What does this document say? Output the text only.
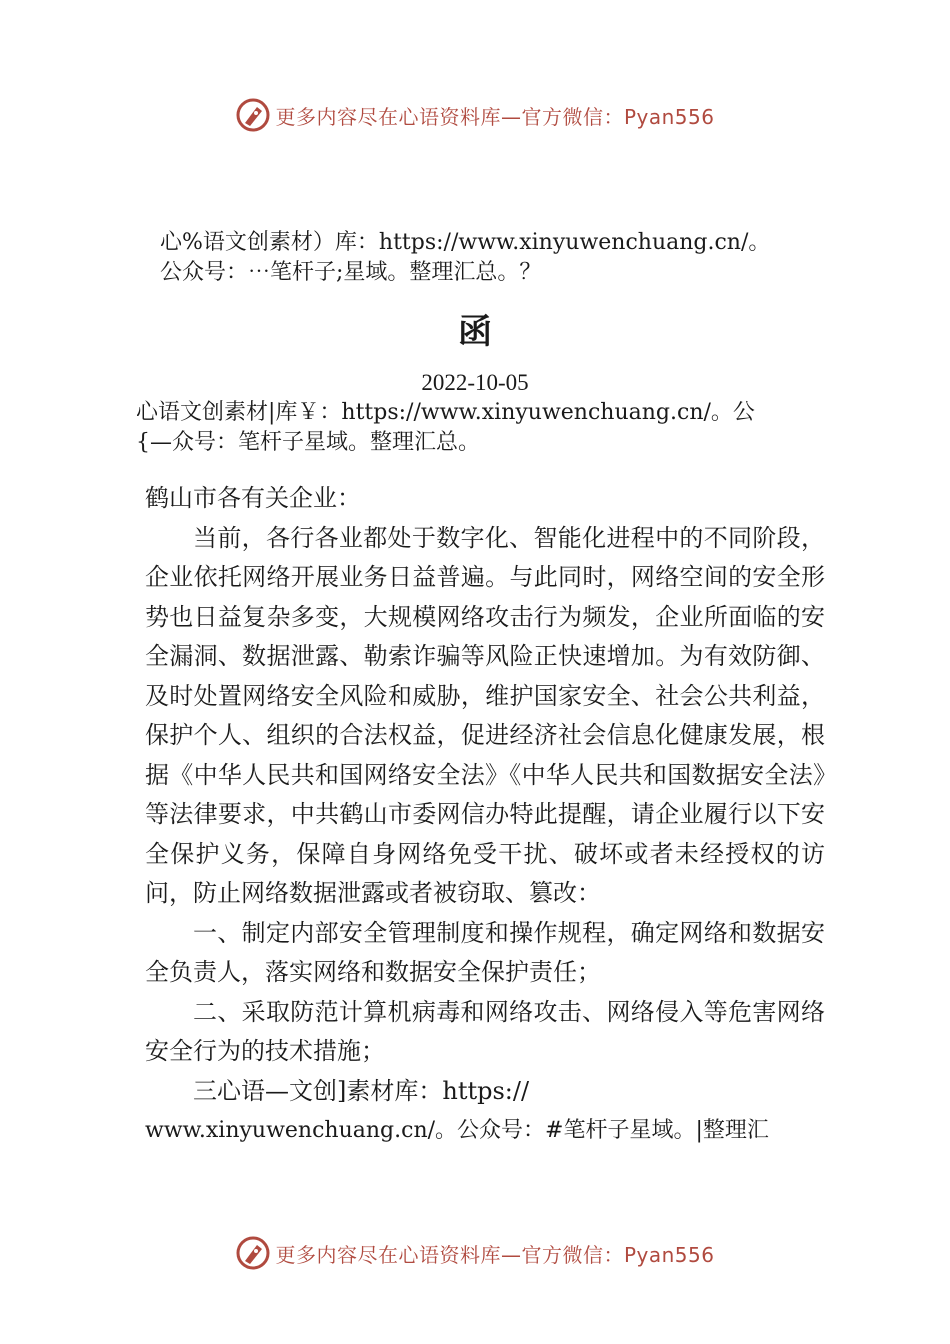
更多内容尽在心语资料库—官方微信：Pyan556
心%语文创素材）库：https://www.xinyuwenchuang.cn/。
公众号：⋯笔杆子;星域。整理汇总。？
函
2022-10-05
心语文创素材|库￥：https://www.xinyuwenchuang.cn/。公
{—众号：笔杆子星域。整理汇总。

鹤山市各有关企业：

当前，各行各业都处于数字化、智能化进程中的不同阶段，企业依托网络开展业务日益普遍。与此同时，网络空间的安全形势也日益复杂多变，大规模网络攻击行为频发，企业所面临的安全漏洞、数据泄露、勒索诈骗等风险正快速增加。为有效防御、及时处置网络安全风险和威胁，维护国家安全、社会公共利益，保护个人、组织的合法权益，促进经济社会信息化健康发展，根据《中华人民共和国网络安全法》《中华人民共和国数据安全法》等法律要求，中共鹤山市委网信办特此提醒，请企业履行以下安全保护义务，保障自身网络免受干扰、破坏或者未经授权的访问，防止网络数据泄露或者被窃取、篡改：

一、制定内部安全管理制度和操作规程，确定网络和数据安全负责人，落实网络和数据安全保护责任；

二、采取防范计算机病毒和网络攻击、网络侵入等危害网络安全行为的技术措施；

三心语—文创]素材库：https://

www.xinyuwenchuang.cn/。公众号：#笔杆子星域。|整理汇

更多内容尽在心语资料库—官方微信：Pyan556
